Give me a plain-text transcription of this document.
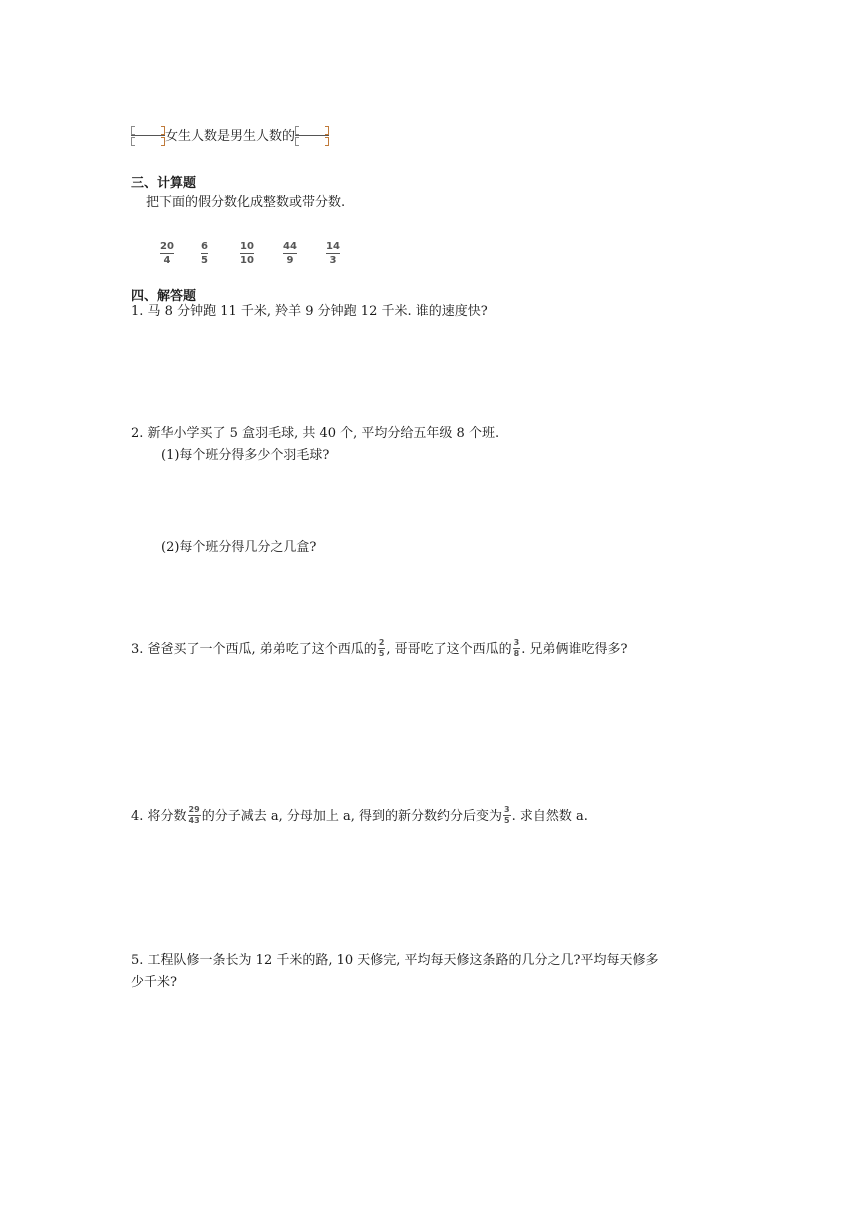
女生人数是男生人数的
三、计算题
把下面的假分数化成整数或带分数.
$\frac{20}{4}$	$\frac{6}{5}$	$\frac{10}{10}$	$\frac{44}{9}$	$\frac{14}{3}$
四、解答题
1. 马 8 分钟跑 11 千米, 羚羊 9 分钟跑 12 千米. 谁的速度快?
2. 新华小学买了 5 盒羽毛球, 共 40 个, 平均分给五年级 8 个班.
(1)每个班分得多少个羽毛球?
(2)每个班分得几分之几盒?
3. 爸爸买了一个西瓜, 弟弟吃了这个西瓜的 $\frac{2}{5}$ , 哥哥吃了这个西瓜的 $\frac{3}{8}$ . 兄弟俩谁吃得多?
4. 将分数 $\frac{29}{43}$ 的分子减去 a, 分母加上 a, 得到的新分数约分后变为 $\frac{3}{5}$ . 求自然数 a.
5. 工程队修一条长为 12 千米的路, 10 天修完, 平均每天修这条路的几分之几?平均每天修多
少千米?
